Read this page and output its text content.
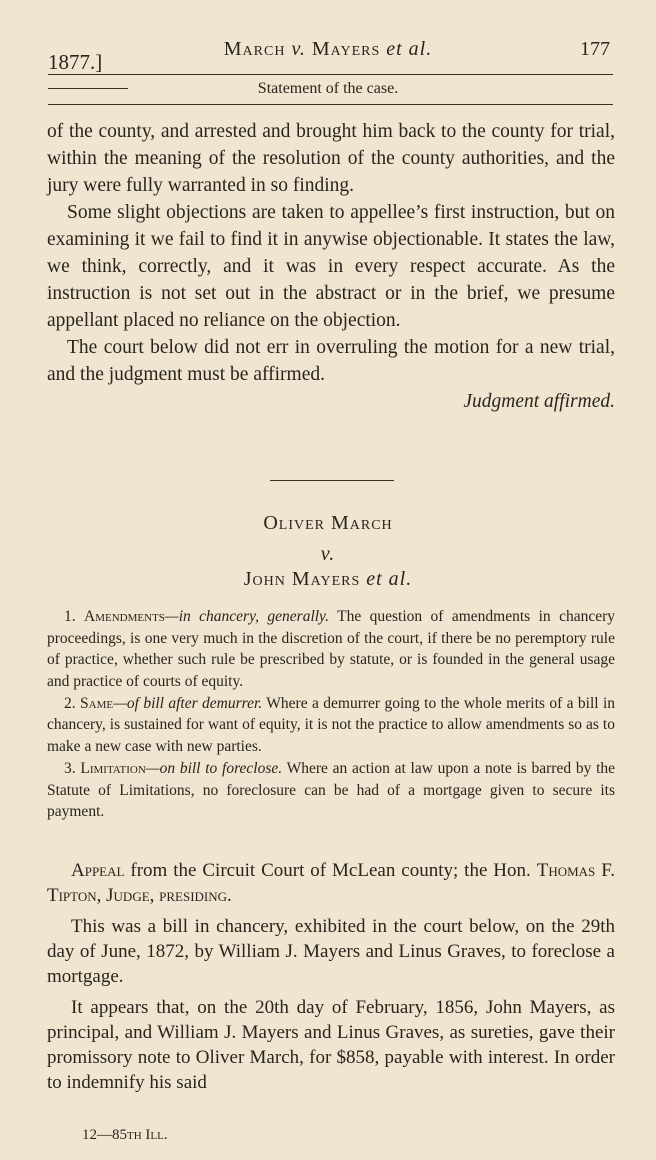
1877.]
March v. Mayers et al.	177
Statement of the case.

of the county, and arrested and brought him back to the county for trial, within the meaning of the resolution of the county authorities, and the jury were fully warranted in so finding.

Some slight objections are taken to appellee’s first instruction, but on examining it we fail to find it in anywise objectionable. It states the law, we think, correctly, and it was in every respect accurate. As the instruction is not set out in the abstract or in the brief, we presume appellant placed no reliance on the objection.

The court below did not err in overruling the motion for a new trial, and the judgment must be affirmed.

Judgment affirmed.

Oliver March
v.
John Mayers et al.

1. Amendments—in chancery, generally. The question of amendments in chancery proceedings, is one very much in the discretion of the court, if there be no peremptory rule of practice, whether such rule be prescribed by statute, or is founded in the general usage and practice of courts of equity.

2. Same—of bill after demurrer. Where a demurrer going to the whole merits of a bill in chancery, is sustained for want of equity, it is not the practice to allow amendments so as to make a new case with new parties.

3. Limitation—on bill to foreclose. Where an action at law upon a note is barred by the Statute of Limitations, no foreclosure can be had of a mortgage given to secure its payment.

Appeal from the Circuit Court of McLean county; the Hon. Thomas F. Tipton, Judge, presiding.

This was a bill in chancery, exhibited in the court below, on the 29th day of June, 1872, by William J. Mayers and Linus Graves, to foreclose a mortgage.

It appears that, on the 20th day of February, 1856, John Mayers, as principal, and William J. Mayers and Linus Graves, as sureties, gave their promissory note to Oliver March, for $858, payable with interest. In order to indemnify his said

12—85th Ill.
